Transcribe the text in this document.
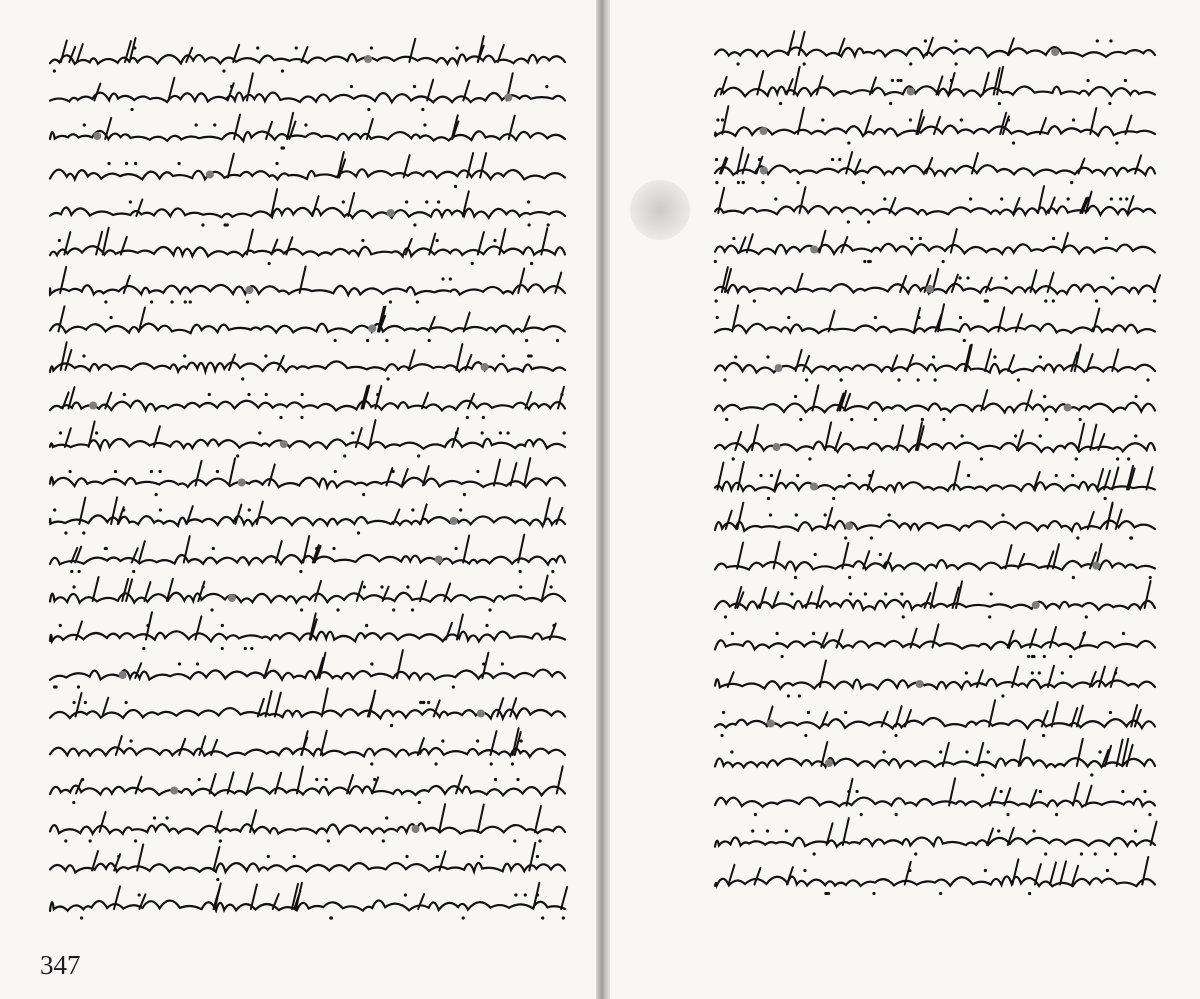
347
